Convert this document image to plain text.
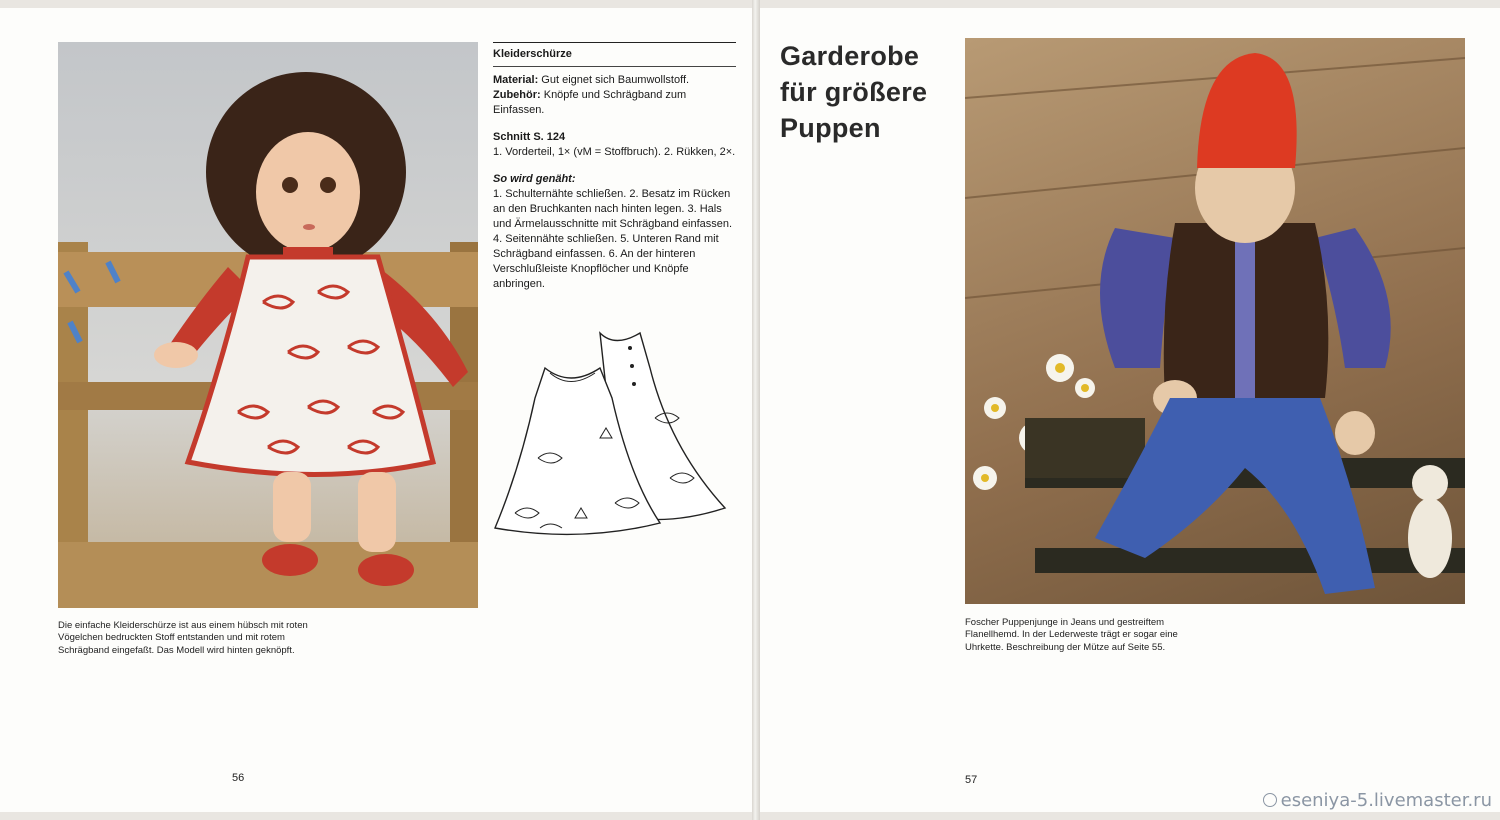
Kleiderschürze
Material: Gut eignet sich Baumwollstoff.
Zubehör: Knöpfe und Schrägband zum Einfassen.
Schnitt S. 124
1. Vorderteil, 1× (vM = Stoffbruch). 2. Rükken, 2×.
So wird genäht:
1. Schulternähte schließen. 2. Besatz im Rücken an den Bruchkanten nach hinten legen. 3. Hals und Ärmelausschnitte mit Schrägband einfassen. 4. Seitennähte schließen. 5. Unteren Rand mit Schrägband einfassen. 6. An der hinteren Verschlußleiste Knopflöcher und Knöpfe anbringen.
Die einfache Kleiderschürze ist aus einem hübsch mit roten Vögelchen bedruckten Stoff entstanden und mit rotem Schrägband eingefaßt. Das Modell wird hinten geknöpft.
56
Garderobe für größere Puppen
Foscher Puppenjunge in Jeans und gestreiftem Flanellhemd. In der Lederweste trägt er sogar eine Uhrkette. Beschreibung der Mütze auf Seite 55.
57
eseniya-5.livemaster.ru
